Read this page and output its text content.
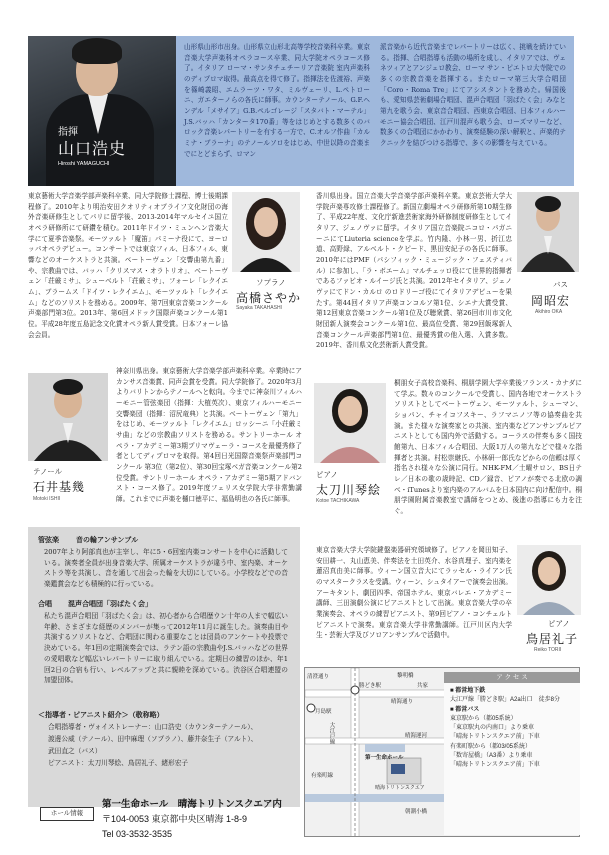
指揮
山口浩史
Hiroshi YAMAGUCHI
山形県山形市出身。山形県立山形北高等学校音楽科卒業。東京音楽大学声楽科オペラコース卒業、同大学院オペラコース修了。イタリア ローマ・サンタチェチーリア音楽院 室内声楽科のディプロマ取得。最高点を得て修了。指揮法を佐渡裕、声楽を篠崎義昭、エムラーツ・ワタ、ミルヴェーリ、L.ペトローニ、ガエターノらの各氏に師事。カウンターテノール、G.F.ヘンデル「メサイア」G.B.ペルゴレージ「スタバト・マーテル」J.S.バッハ「カンタータ170番」等をはじめとする数多くのバロック音楽レパートリーを有する一方で、C.オルフ作曲「カルミナ・ブラーナ」のテノールソロをはじめ、中世以降の音楽までにとどまらず、ロマン
派音楽から近代音楽までレパートリーは広く、挑戦を続けている。指揮、合唱指導も活動の場所を成し、イタリアでは、ヴェネツィアとアンジェロ教会、ローマ サン・ピエトロ大寺院での多くの宗教音楽を指揮する。またローマ第三大学合唱団「Coro・Roma Tre」にてアシスタントを務めた。帰国後も、愛知県芸術劇場合唱団、混声合唱団「羽ばたく会」みなと第九を歌う会、東京音合唱団、西東京合唱団、日本フィルハーモニー協会合唱団、江戸川混声も歌う会、ローズマリーなど、数多くの合唱団にかかわり、演奏経験の深い解釈と、声楽的テクニックを結びつける指導で、多くの影響を与えている。
東京藝術大学音楽学部声楽科卒業、同大学院修士課程、博士後期課程修了。2010年より明治安田クオリティオブライフ文化財団の海外音楽研修生としてパリに留学後、2013-2014年マルセイユ国立オペラ研修所にて研鑽を積む。2011年ドイツ・ミュンヘン音楽大学にて夏季音楽祭。モーツァルト「魔笛」パミーナ役にて、ヨーロッパオペラデビュー。コンサートでは東京フィル、日本フィル、東響などのオーケストラと共演。ベートーヴェン「交響曲第九番」や、宗教曲では、バッハ「クリスマス・オラトリオ」、ベートーヴェン「荘厳ミサ」、シューベルト「荘厳ミサ」、フォーレ「レクイエム」、ブラームス「ドイツ・レクイエム」、モーツァルト「レクイエム」などのソリストを務める。2009年、第7回東京音楽コンクール声楽部門第3位。2013年、第6回メドック国際声楽コンクール第1位。平成28年度五島記念文化賞オペラ新人賞受賞。日本フォーレ協会会員。
ソプラノ
高橋さやか
Sayaka TAKAHASHI
香川県出身。国立音楽大学音楽学部声楽科卒業。東京芸術大学大学院声楽専攻修士課程修了。新国立劇場オペラ研修所第10期生修了、平成22年度、文化庁新進芸術家海外研修制度研修生としてイタリア、ジェノヴァに留学。イタリア国立音楽院ニコロ・パガニーニにてLiuteria scienceを学ぶ。竹内隆、小林一男、折江忠道、高野緑、アルベルト・クピード、黒田安紀子の各氏に師事。2010年にはPMF（パシフィック・ミュージック・フェスティバル）に参加し、「ラ・ボエーム」マルチェッロ役にて世界的指揮者であるファビオ・ルイージ氏と共演。2012年セイタリア、ジェノヴァにてドン・カルロ のロドリーゴ役にてイタリアデビューを果たす。第44回イタリア声楽コンコルソ第1位、シエナ大賞受賞、第12回東京音楽コンクール第1位及び聴衆賞、第26回市川市文化財団新人演奏会コンクール第1位、最高位受賞、第29回飯塚新人音楽コンクール声楽部門第1位、最優秀賞の他入選、入賞多数。2019年、香川県文化芸術新人賞受賞。
バス
岡昭宏
Akihiro OKA
テノール
石井基幾
Motoki ISHII
神奈川県出身。東京藝術大学音楽学部声楽科卒業。卒業時にアカンサス音楽賞、同声会賞を受賞。同大学院修了。2020年3月よりバリトンからテノールへと転向。今までに神奈川フィルハーモニー管弦楽団（指揮：大植英次）、東京フィルハーモニー交響楽団（指揮：沼尻竜典）と共演。ベートーヴェン「第九」をはじめ、モーツァルト「レクイエム」ロッシーニ「小荘厳ミサ曲」などの宗教曲ソリストを務める。サントリーホール オペラ・アカデミー第3期プリマヴェーラ・コースを最優秀修了者としてディプロマを取得。第4回日光国際音楽祭声楽部門コンクール 第3位（第2位）、第30回宝塚ベガ音楽コンクール第2位受賞。サントリーホール オペラ・アカデミー第5期アドバンスト・コース修了。2019年度フェリス女学院大学非常勤講師。これまでに声楽を樋口徳平に、福島明也の各氏に師事。
ピアノ
太刀川琴絵
Kotoe TACHIKAWA
桐朋女子高校音楽科、桐朋学園大学卒業後フランス・カナダにて学ぶ。数々のコンクールで受賞し、国内各地でオーケストラソリストとしてベートーヴェン、モーツァルト、シューマン、ショパン、チャイコフスキー、ラフマニノフ等の協奏曲を共演。また様々な演奏家との共演、室内楽などアンサンブルピアニストとしても国内外で活動する。コーラスの伴奏も多く国技館第九、日本フィル合唱団、大阪1万人の第九などで様々な指揮者と共演。村松崇継氏、小林研一郎氏などからの信頼は厚く指名され様々な公演に同行。NHK-FM／土曜サロン、BS日テレ／日本の歌の歳時記、CD／録音、ピアノが奏でる北欧の調べ・iTunesより室内楽のアルバムを日本国内に向け配信中。桐朋学園附属音楽教室で講師をつとめ、後進の指導にも力を注ぐ。
東京音楽大学大学院鍵盤楽器研究領域修了。ピアノを岡田知子、安田耕一、丸山恵美、伴奏法を土田英介、水谷真理子、室内楽を蓮沼真由美に師事。ウィーン国立音大にてラッセル・ライアン氏のマスタークラスを受講。ウィーン、シュタイアーで演奏会出演。アーキタント、劇団四季、帝国ホテル、東京バレエ・アカデミー講師、三田演劇公演にピアニストとして出演。東京音楽大学の卒業演奏会、オペラの練習ピアニスト、第9回ピアノ・コンチェルトピアニストで演奏。東京音楽大学非常勤講師。江戸川区内大学生・芸術大学及びソロアンサンブルで活動中。
ピアノ
鳥居礼子
Reiko TORII
管弦楽 音の輪アンサンブル
2007年より阿部真也が主宰し、年に5・6回室内楽コンサートを中心に活動している。演奏者全員が出身音楽大学、所属オーケストラが違う中、室内楽、オーケストラ等を共演し、音を通して出会った輪を大切にしている。小学校などでの音楽鑑賞会なども積極的に行っている。
合唱 混声合唱団「羽ばたく会」
私たち混声合唱団「羽ばたく会」は、初心者から合唱歴ウン十年の人まで幅広い年齢、さまざまな経歴のメンバーが集って2012年11月に誕生した。演奏曲目や共演するソリストなど、合唱団に関わる重要なことは団員のアンケートや投票で決めている。年1回の定期演奏会では、ラテン語の宗教曲やJ.S.バッハなどの世界の愛唱歌など幅広いレパートリーに取り組んでいる。定期日の練習のほか、年1回2日の合宿も行い、レベルアップと共に親睦を深めている。渋谷区合唱連盟の加盟団体。
＜指導者・ピアニスト紹介＞（敬称略）
合唱指導者・ヴォイストレーナー：山口浩史（カウンターテノール）、
渡邊公威（テノール）、田中麻理（ソプラノ）、藤井奈生子（アルト）、
武田直之（バス）
ピアニスト：太刀川琴絵、鳥居礼子、緒形宏子
ホール情報
第一生命ホール　晴海トリトンスクエア内
〒104-0053 東京都中央区晴海 1-8-9
Tel 03-3532-3535
勝どき駅
清澄通り
月島駅
大江戸線
晴海通り
第一生命ホール
晴海トリトンスクエア
晴海運河
有楽町線
朝潮小橋
黎明橋
共家
ア ク セ ス
■ 都営地下鉄
大江戸線「勝どき駅」A2a出口　徒歩8分
■ 都営バス
東京駅から（都05系統）
「東京駅丸の内南口」より乗車
「晴海トリトンスクエア前」下車
有楽町駅から（都03/05系統）
「数寄屋橋」（A3番）より乗車
「晴海トリトンスクエア前」下車
